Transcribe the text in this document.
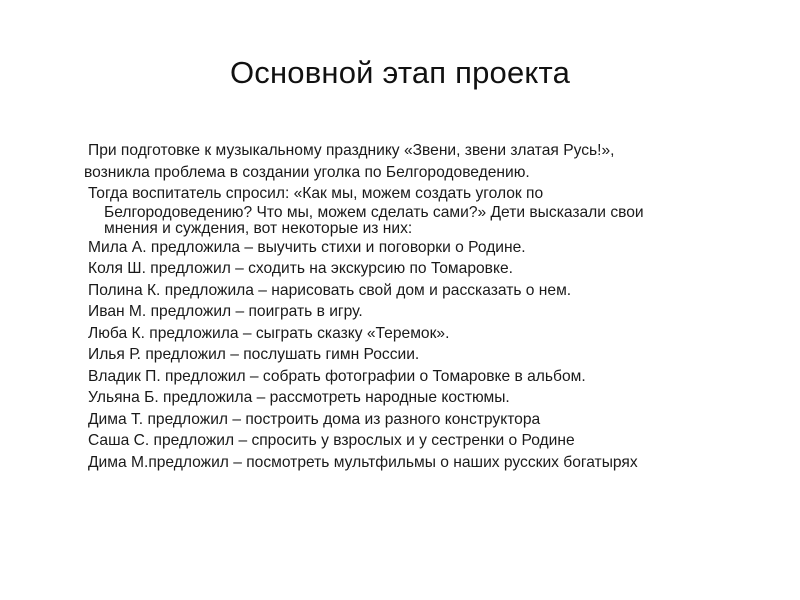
Основной этап проекта

При подготовке к музыкальному празднику «Звени, звени златая Русь!»,
возникла проблема в создании уголка по Белгородоведению.
Тогда воспитатель спросил: «Как мы, можем создать уголок по
Белгородоведению? Что мы, можем сделать сами?» Дети высказали свои
мнения и суждения, вот некоторые из них:

Мила А. предложила – выучить стихи и поговорки о Родине.
Коля Ш. предложил – сходить на экскурсию по Томаровке.
Полина К. предложила – нарисовать свой дом и рассказать о нем.
Иван М. предложил – поиграть в игру.
Люба К. предложила – сыграть сказку «Теремок».
Илья Р. предложил – послушать гимн России.
Владик П. предложил – собрать фотографии о Томаровке в альбом.
Ульяна Б. предложила – рассмотреть народные костюмы.
Дима Т. предложил – построить дома из разного конструктора
Саша С. предложил – спросить у взрослых и у сестренки о Родине
Дима М.предложил – посмотреть мультфильмы о наших русских богатырях
